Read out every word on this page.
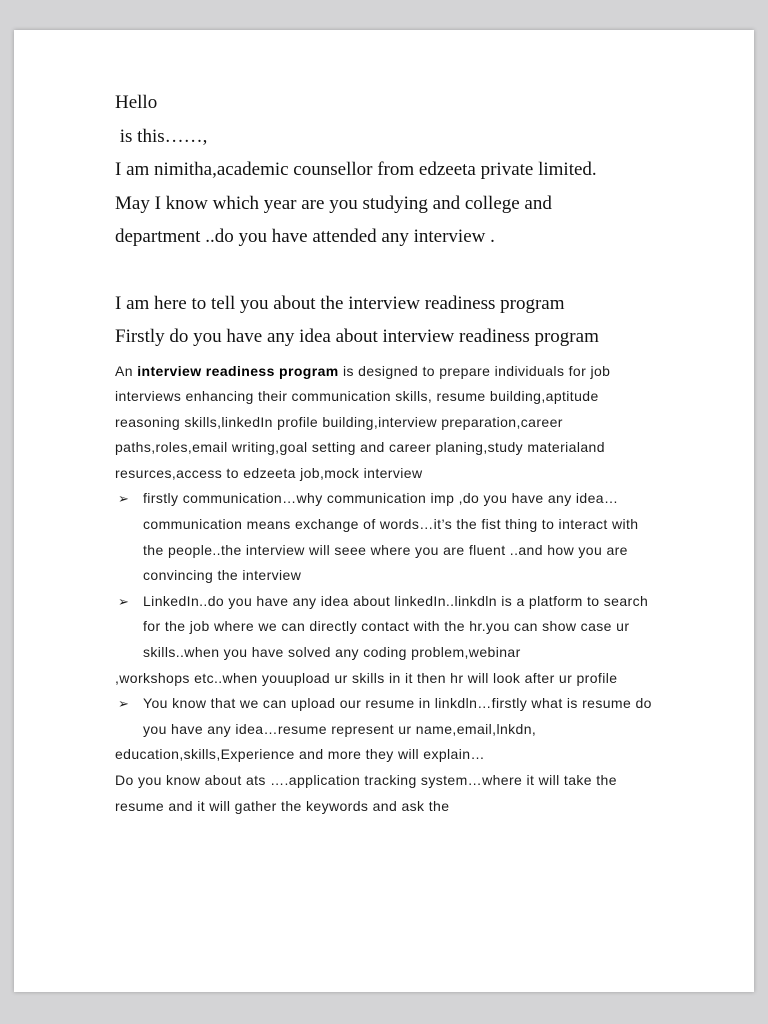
Hello
is this……,
I am nimitha,academic counsellor from edzeeta private limited.
May I know which year are you studying and college and
department ..do you have attended any interview .
I am here to tell you about the interview readiness program
Firstly do you have any idea about interview readiness program

An interview readiness program is designed to prepare individuals for job interviews enhancing their communication skills, resume building,aptitude reasoning skills,linkedIn profile building,interview preparation,career paths,roles,email writing,goal setting and career planing,study materialand resurces,access to edzeeta job,mock interview

➢ firstly communication…why communication imp ,do you have any idea…communication means exchange of words…it’s the fist thing to interact with the people..the interview will seee where you are fluent ..and how you are convincing the interview
➢ LinkedIn..do you have any idea about linkedIn..linkdln is a platform to search for the job where we can directly contact with the hr.you can show case ur skills..when you have solved any coding problem,webinar

,workshops etc..when youupload ur skills in it then hr will look after ur profile

➢ You know that we can upload our resume in linkdln…firstly what is resume do you have any idea…resume represent ur name,email,lnkdn,

education,skills,Experience and more they will explain…

Do you know about ats ….application tracking system…where it will take the resume and it will gather the keywords and ask the
